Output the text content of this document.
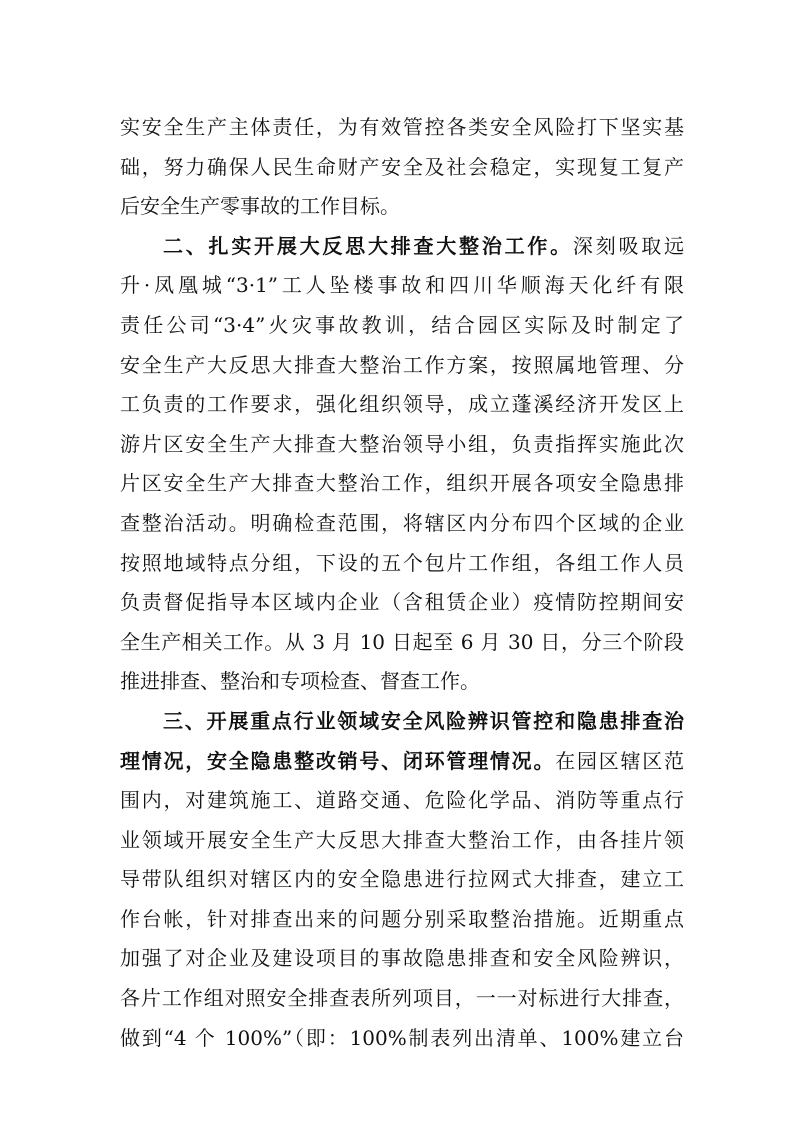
实安全生产主体责任，为有效管控各类安全风险打下坚实基
础，努力确保人民生命财产安全及社会稳定，实现复工复产
后安全生产零事故的工作目标。
二、扎实开展大反思大排查大整治工作。深刻吸取远
升·凤凰城“3·1”工人坠楼事故和四川华顺海天化纤有限
责任公司“3·4”火灾事故教训，结合园区实际及时制定了
安全生产大反思大排查大整治工作方案，按照属地管理、分
工负责的工作要求，强化组织领导，成立蓬溪经济开发区上
游片区安全生产大排查大整治领导小组，负责指挥实施此次
片区安全生产大排查大整治工作，组织开展各项安全隐患排
查整治活动。明确检查范围，将辖区内分布四个区域的企业
按照地域特点分组，下设的五个包片工作组，各组工作人员
负责督促指导本区域内企业（含租赁企业）疫情防控期间安
全生产相关工作。从 3 月 10 日起至 6 月 30 日，分三个阶段
推进排查、整治和专项检查、督查工作。
三、开展重点行业领域安全风险辨识管控和隐患排查治
理情况，安全隐患整改销号、闭环管理情况。在园区辖区范
围内，对建筑施工、道路交通、危险化学品、消防等重点行
业领域开展安全生产大反思大排查大整治工作，由各挂片领
导带队组织对辖区内的安全隐患进行拉网式大排查，建立工
作台帐，针对排查出来的问题分别采取整治措施。近期重点
加强了对企业及建设项目的事故隐患排查和安全风险辨识，
各片工作组对照安全排查表所列项目，一一对标进行大排查，
做到“4 个 100%”（即：100%制表列出清单、100%建立台
